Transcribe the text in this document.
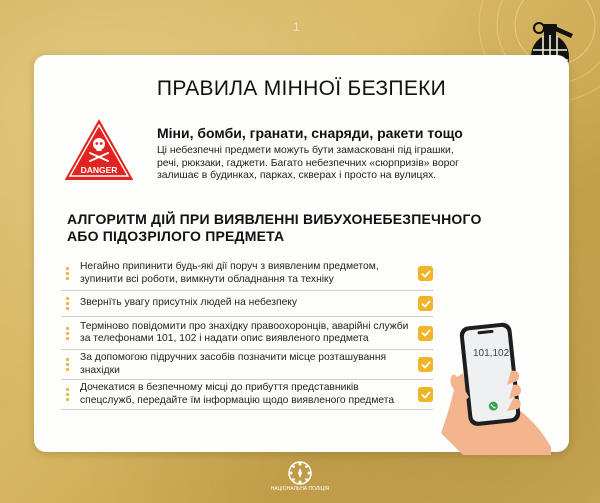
1
ПРАВИЛА МІННОЇ БЕЗПЕКИ
DANGER
Міни, бомби, гранати, снаряди, ракети тощо

Ці небезпечні предмети можуть бути замасковані під іграшки, речі, рюкзаки, гаджети. Багато небезпечних «сюрпризів» ворог залишає в будинках, парках, скверах і просто на вулицях.

АЛГОРИТМ ДІЙ ПРИ ВИЯВЛЕННІ ВИБУХОНЕБЕЗПЕЧНОГО АБО ПІДОЗРІЛОГО ПРЕДМЕТА
Негайно припинити будь-які дії поруч з виявленим предметом, зупинити всі роботи, вимкнути обладнання та техніку
Звернїть увагу присутніх людей на небезпеку
Терміново повідомити про знахідку правоохоронців, аварійні служби за телефонами 101, 102 і надати опис виявленого предмета
За допомогою підручних засобів позначити місце розташування знахідки
Дочекатися в безпечному місці до прибуття представників спецслужб, передайте їм інформацію щодо виявленого предмета
101,102
НАЦІОНАЛЬНА ПОЛІЦІЯ
